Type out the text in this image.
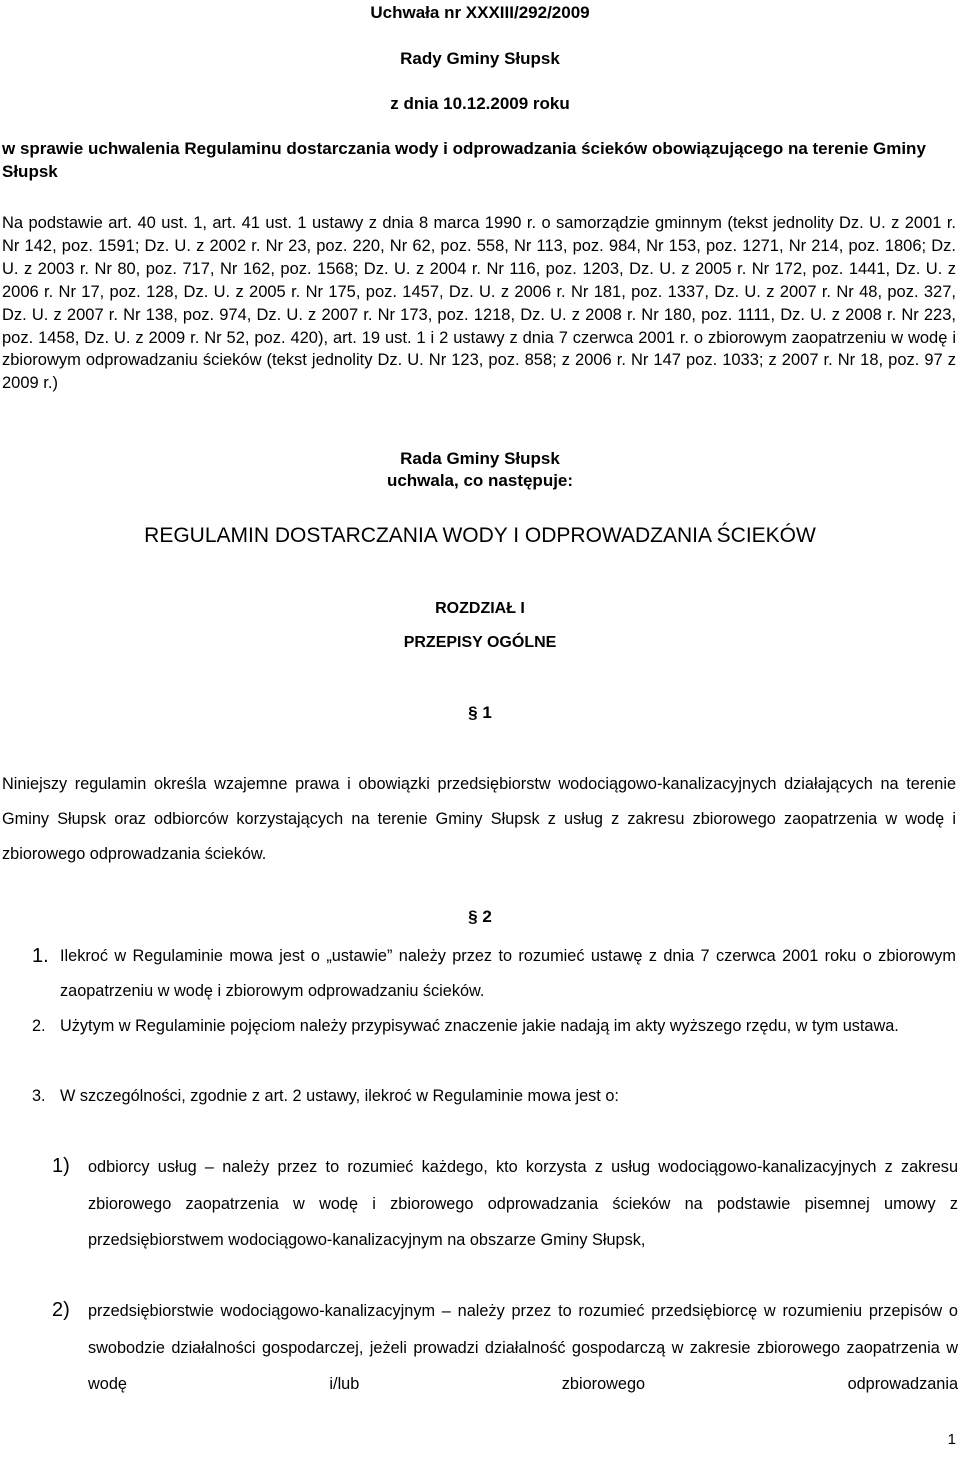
Uchwała nr XXXIII/292/2009
Rady Gminy Słupsk
z dnia 10.12.2009 roku
w sprawie uchwalenia Regulaminu dostarczania wody i odprowadzania ścieków obowiązującego na terenie Gminy Słupsk
Na podstawie art. 40 ust. 1, art. 41 ust. 1 ustawy z dnia 8 marca 1990 r. o samorządzie gminnym (tekst jednolity Dz. U. z 2001 r. Nr 142, poz. 1591; Dz. U. z 2002 r. Nr 23, poz. 220, Nr 62, poz. 558, Nr 113, poz. 984, Nr 153, poz. 1271, Nr 214, poz. 1806; Dz. U. z 2003 r. Nr 80, poz. 717, Nr 162, poz. 1568; Dz. U. z 2004 r. Nr 116, poz. 1203, Dz. U. z 2005 r. Nr 172, poz. 1441, Dz. U. z 2006 r. Nr 17, poz. 128, Dz. U. z 2005 r. Nr 175, poz. 1457, Dz. U. z 2006 r. Nr 181, poz. 1337, Dz. U. z 2007 r. Nr 48, poz. 327, Dz. U. z 2007 r. Nr 138, poz. 974, Dz. U. z 2007 r. Nr 173, poz. 1218, Dz. U. z 2008 r. Nr 180, poz. 1111, Dz. U. z 2008 r. Nr 223, poz. 1458, Dz. U. z 2009 r. Nr 52, poz. 420), art. 19 ust. 1 i 2 ustawy z dnia 7 czerwca 2001 r. o zbiorowym zaopatrzeniu w wodę i zbiorowym odprowadzaniu ścieków (tekst jednolity Dz. U. Nr 123, poz. 858; z 2006 r. Nr 147 poz. 1033; z 2007 r. Nr 18, poz. 97 z 2009 r.)
Rada Gminy Słupsk
uchwala, co następuje:
REGULAMIN DOSTARCZANIA WODY I ODPROWADZANIA ŚCIEKÓW
ROZDZIAŁ I
PRZEPISY OGÓLNE
§ 1
Niniejszy regulamin określa wzajemne prawa i obowiązki przedsiębiorstw wodociągowo-kanalizacyjnych działających na terenie Gminy Słupsk oraz odbiorców korzystających na terenie Gminy Słupsk z usług z zakresu zbiorowego zaopatrzenia w wodę i zbiorowego odprowadzania ścieków.
§ 2
1. Ilekroć w Regulaminie mowa jest o „ustawie” należy przez to rozumieć ustawę z dnia 7 czerwca 2001 roku o zbiorowym zaopatrzeniu w wodę i zbiorowym odprowadzaniu ścieków.
2. Użytym w Regulaminie pojęciom należy przypisywać znaczenie jakie nadają im akty wyższego rzędu, w tym ustawa.
3. W szczególności, zgodnie z art. 2 ustawy, ilekroć w Regulaminie mowa jest o:
1) odbiorcy usług – należy przez to rozumieć każdego, kto korzysta z usług wodociągowo-kanalizacyjnych z zakresu zbiorowego zaopatrzenia w wodę i zbiorowego odprowadzania ścieków na podstawie pisemnej umowy z przedsiębiorstwem wodociągowo-kanalizacyjnym na obszarze Gminy Słupsk,
2) przedsiębiorstwie wodociągowo-kanalizacyjnym – należy przez to rozumieć przedsiębiorcę w rozumieniu przepisów o swobodzie działalności gospodarczej, jeżeli prowadzi działalność gospodarczą w zakresie zbiorowego zaopatrzenia w wodę i/lub zbiorowego odprowadzania
1
